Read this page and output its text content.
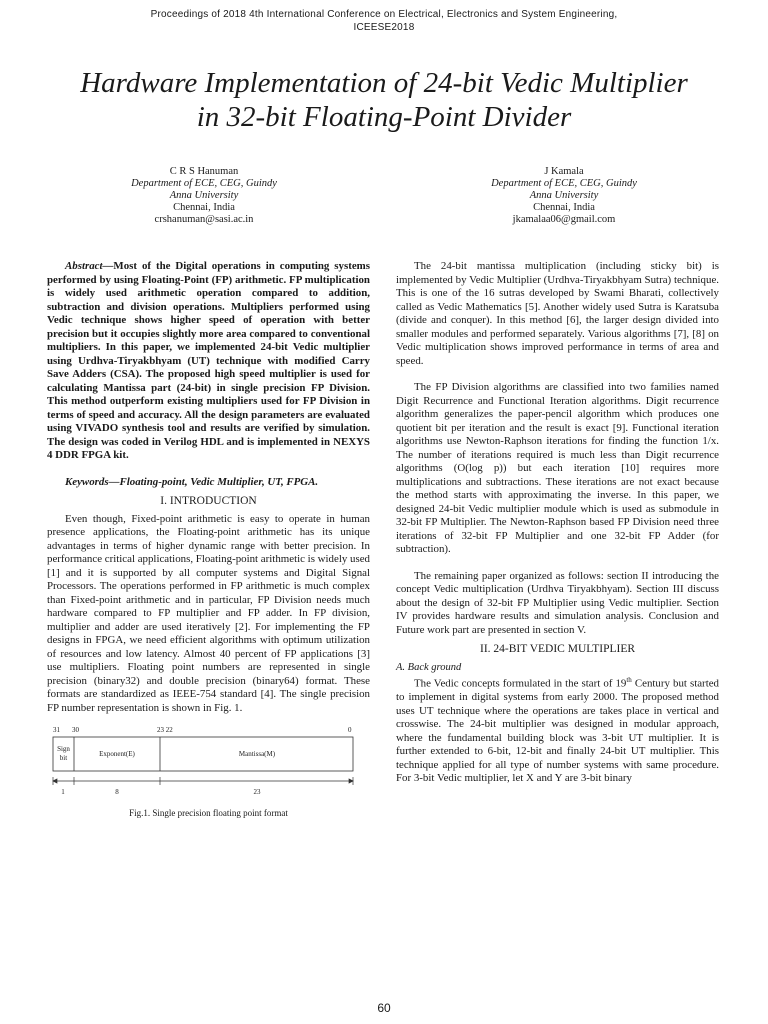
Proceedings of 2018 4th International Conference on Electrical, Electronics and System Engineering,
ICEESE2018
Hardware Implementation of 24-bit Vedic Multiplier
in 32-bit Floating-Point Divider
C R S Hanuman
Department of ECE, CEG, Guindy
Anna University
Chennai, India
crshanuman@sasi.ac.in
J Kamala
Department of ECE, CEG, Guindy
Anna University
Chennai, India
jkamalaa06@gmail.com

Abstract—Most of the Digital operations in computing systems performed by using Floating-Point (FP) arithmetic. FP multiplication is widely used arithmetic operation compared to addition, subtraction and division operations. Multipliers performed using Vedic technique shows higher speed of operation with better precision but it occupies slightly more area compared to conventional multipliers. In this paper, we implemented 24-bit Vedic multiplier using Urdhva-Tiryakbhyam (UT) technique with modified Carry Save Adders (CSA). The proposed high speed multiplier is used for calculating Mantissa part (24-bit) in single precision FP Division. This method outperform existing multipliers used for FP Division in terms of speed and accuracy. All the design parameters are evaluated using VIVADO synthesis tool and results are verified by simulation. The design was coded in Verilog HDL and is implemented in NEXYS 4 DDR FPGA kit.

Keywords—Floating-point, Vedic Multiplier, UT, FPGA.

I. INTRODUCTION

Even though, Fixed-point arithmetic is easy to operate in human presence applications, the Floating-point arithmetic has its unique advantages in terms of higher dynamic range with better precision. In performance critical applications, Floating-point arithmetic is widely used [1] and it is supported by all computer systems and Digital Signal Processors. The operations performed in FP arithmetic is much complex than Fixed-point arithmetic and in particular, FP Division needs much hardware compared to FP multiplier and FP adder. In FP division, multiplier and adder are used iteratively [2]. For implementing the FP designs in FPGA, we need efficient algorithms with optimum utilization of resources and low latency. Almost 40 percent of FP applications [3] use multipliers. Floating point numbers are represented in single precision (binary32) and double precision (binary64) format. These formats are standardized as IEEE-754 standard [4]. The single precision FP number representation is shown in Fig. 1.

31 30	23 22	0
Sign
bit	Exponent(E)	Mantissa(M)
1	8	23
Fig.1. Single precision floating point format

The 24-bit mantissa multiplication (including sticky bit) is implemented by Vedic Multiplier (Urdhva-Tiryakbhyam Sutra) technique. This is one of the 16 sutras developed by Swami Bharati, collectively called as Vedic Mathematics [5]. Another widely used Sutra is Karatsuba (divide and conquer). In this method [6], the larger design divided into smaller modules and performed separately. Various algorithms [7], [8] on Vedic multiplication shows improved performance in terms of area and speed.

The FP Division algorithms are classified into two families named Digit Recurrence and Functional Iteration algorithms. Digit recurrence algorithm generalizes the paper-pencil algorithm which produces one quotient bit per iteration and the result is exact [9]. Functional iteration algorithms use Newton-Raphson iterations for finding the function 1/x. The number of iterations required is much less than Digit recurrence algorithms (O(log p)) but each iteration [10] requires more multiplications and subtractions. These iterations are not exact because the method starts with approximating the inverse. In this paper, we designed 24-bit Vedic multiplier module which is used as submodule in 32-bit FP Multiplier. The Newton-Raphson based FP Division need three iterations of 32-bit FP Multiplier and one 32-bit FP Adder (for subtraction).

The remaining paper organized as follows: section II introducing the concept Vedic multiplication (Urdhva Tiryakbhyam). Section III discuss about the design of 32-bit FP Multiplier using Vedic multiplier. Section IV provides hardware results and simulation analysis. Conclusion and Future work part are presented in section V.

II. 24-BIT VEDIC MULTIPLIER

A. Back ground

The Vedic concepts formulated in the start of 19th Century but started to implement in digital systems from early 2000. The proposed method uses UT technique where the operations are takes place in vertical and crosswise. The 24-bit multiplier was designed in modular approach, where the fundamental building block was 3-bit UT multiplier. It is further extended to 6-bit, 12-bit and finally 24-bit UT multiplier. This technique applied for all type of number systems with same procedure. For 3-bit Vedic multiplier, let X and Y are 3-bit binary

60
